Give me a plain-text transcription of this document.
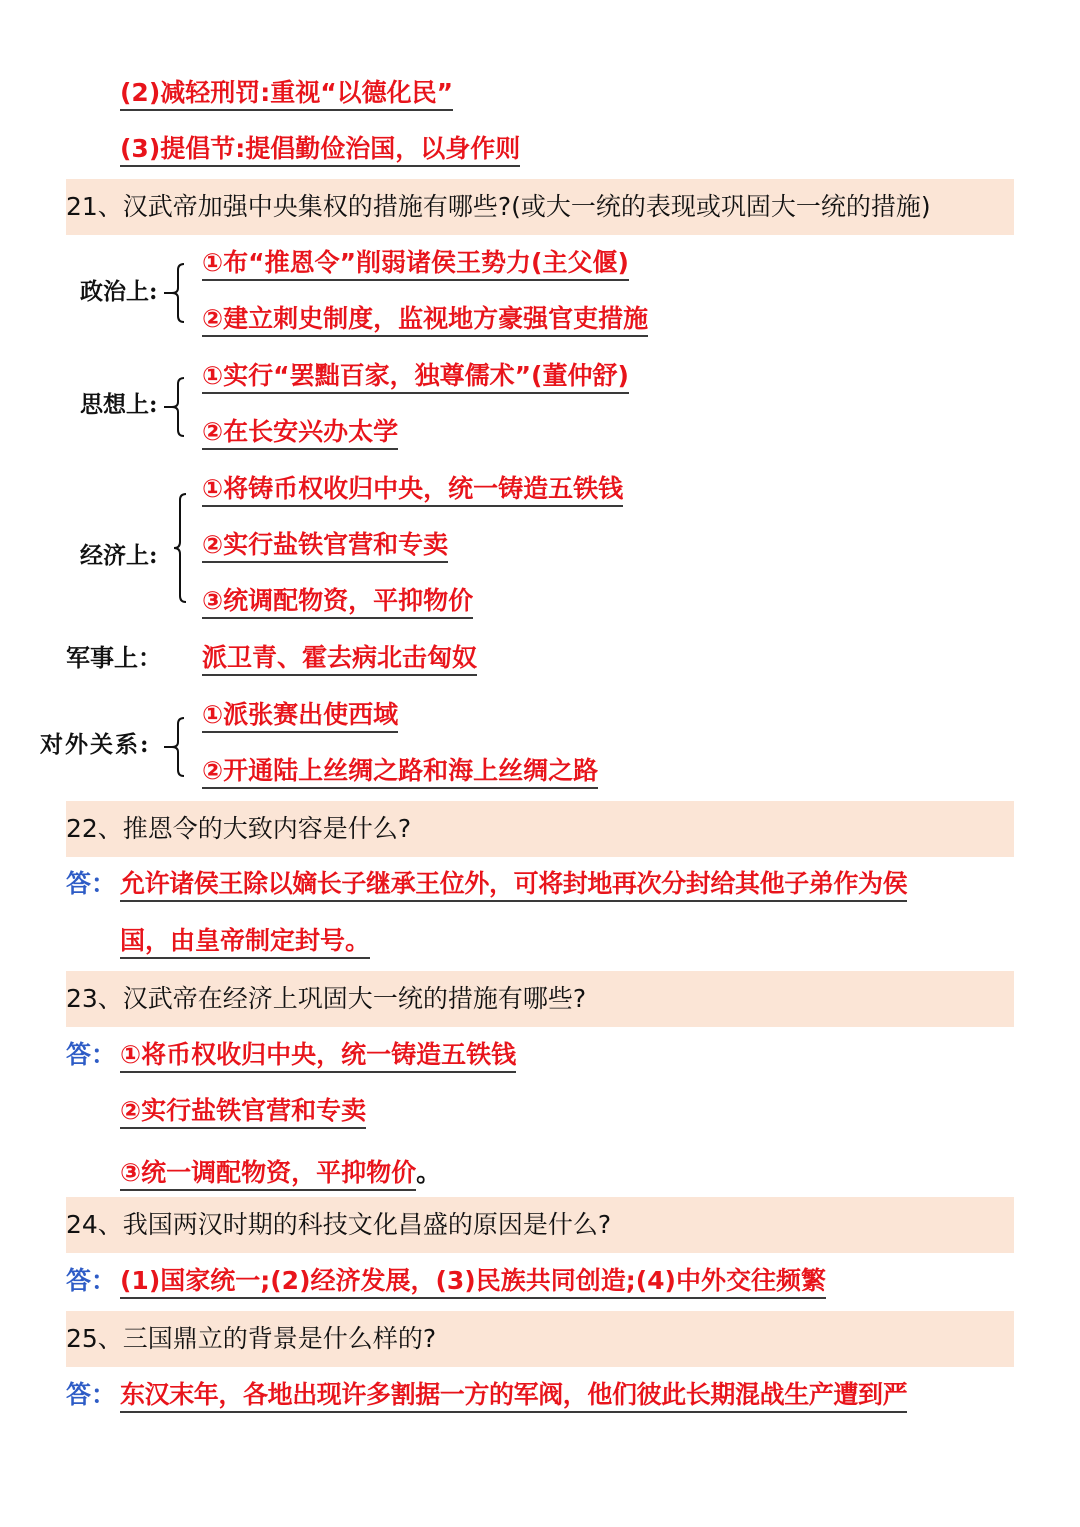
(2)减轻刑罚:重视“以德化民”
(3)提倡节:提倡勤俭治国，以身作则
21、汉武帝加强中央集权的措施有哪些?(或大一统的表现或巩固大一统的措施)
政治上:
①布“推恩令”削弱诸侯王势力(主父偃)
②建立刺史制度，监视地方豪强官吏措施
思想上:
①实行“罢黜百家，独尊儒术”(董仲舒)
②在长安兴办太学
经济上:
①将铸币权收归中央，统一铸造五铁钱
②实行盐铁官营和专卖
③统调配物资，平抑物价
军事上： 派卫青、霍去病北击匈奴
对外关系:
①派张赛出使西域
②开通陆上丝绸之路和海上丝绸之路
22、推恩令的大致内容是什么?
答： 允许诸侯王除以嫡长子继承王位外，可将封地再次分封给其他子弟作为侯
国，由皇帝制定封号。
23、汉武帝在经济上巩固大一统的措施有哪些?
答： ①将币权收归中央，统一铸造五铁钱
②实行盐铁官营和专卖
③统一调配物资，平抑物价。
24、我国两汉时期的科技文化昌盛的原因是什么?
答： (1)国家统一;(2)经济发展，(3)民族共同创造;(4)中外交往频繁
25、三国鼎立的背景是什么样的?
答： 东汉末年，各地出现许多割据一方的军阀，他们彼此长期混战生产遭到严
